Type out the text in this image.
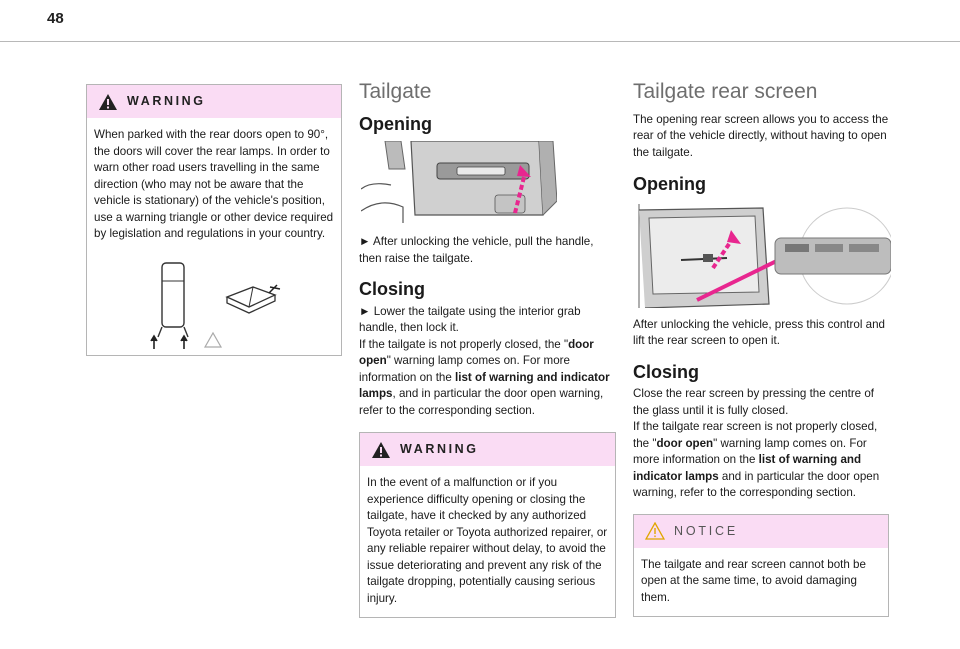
48
WARNING

When parked with the rear doors open to 90°, the doors will cover the rear lamps. In order to warn other road users travelling in the same direction (who may not be aware that the vehicle is stationary) of the vehicle's position, use a warning triangle or other device required by legislation and regulations in your country.

Tailgate
Opening

► After unlocking the vehicle, pull the handle, then raise the tailgate.

Closing

► Lower the tailgate using the interior grab handle, then lock it.

If the tailgate is not properly closed, the "door open" warning lamp comes on. For more information on the list of warning and indicator lamps, and in particular the door open warning, refer to the corresponding section.

WARNING

In the event of a malfunction or if you experience difficulty opening or closing the tailgate, have it checked by any authorized Toyota retailer or Toyota authorized repairer, or any reliable repairer without delay, to avoid the issue deteriorating and prevent any risk of the tailgate dropping, potentially causing serious injury.

Tailgate rear screen

The opening rear screen allows you to access the rear of the vehicle directly, without having to open the tailgate.

Opening

After unlocking the vehicle, press this control and lift the rear screen to open it.

Closing

Close the rear screen by pressing the centre of the glass until it is fully closed.

If the tailgate rear screen is not properly closed, the "door open" warning lamp comes on. For more information on the list of warning and indicator lamps and in particular the door open warning, refer to the corresponding section.

NOTICE

The tailgate and rear screen cannot both be open at the same time, to avoid damaging them.
